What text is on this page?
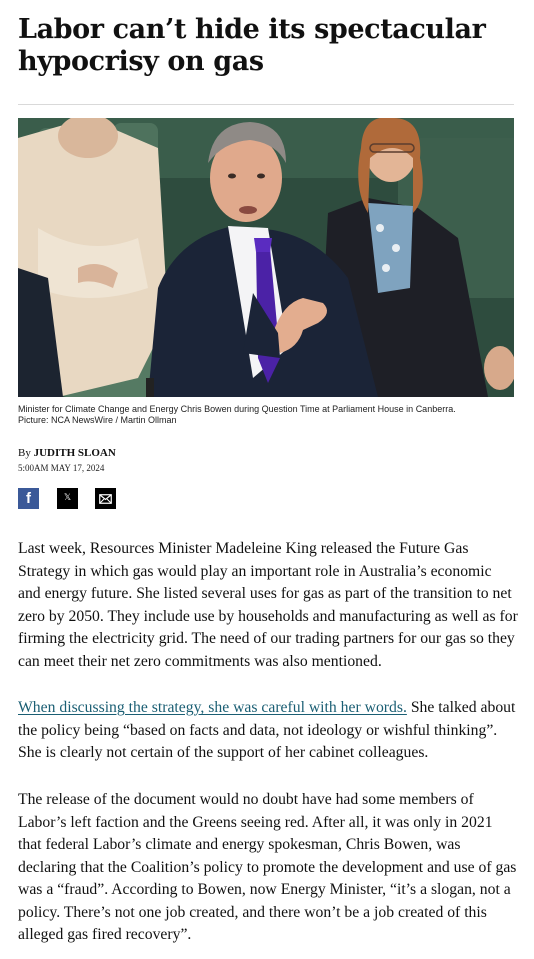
Labor can’t hide its spectacular hypocrisy on gas
Minister for Climate Change and Energy Chris Bowen during Question Time at Parliament House in Canberra.
Picture: NCA NewsWire / Martin Ollman
By JUDITH SLOAN
5:00AM MAY 17, 2024
f	𝕏

Last week, Resources Minister Madeleine King released the Future Gas Strategy in which gas would play an important role in Australia’s economic and energy future. She listed several uses for gas as part of the transition to net zero by 2050. They include use by households and manufacturing as well as for firming the electricity grid. The need of our trading partners for our gas so they can meet their net zero commitments was also mentioned.

When discussing the strategy, she was careful with her words. She talked about the policy being “based on facts and data, not ideology or wishful thinking”. She is clearly not certain of the support of her cabinet colleagues.

The release of the document would no doubt have had some members of Labor’s left faction and the Greens seeing red. After all, it was only in 2021 that federal Labor’s climate and energy spokesman, Chris Bowen, was declaring that the Coalition’s policy to promote the development and use of gas was a “fraud”. According to Bowen, now Energy Minister, “it’s a slogan, not a policy. There’s not one job created, and there won’t be a job created of this alleged gas fired recovery”.
